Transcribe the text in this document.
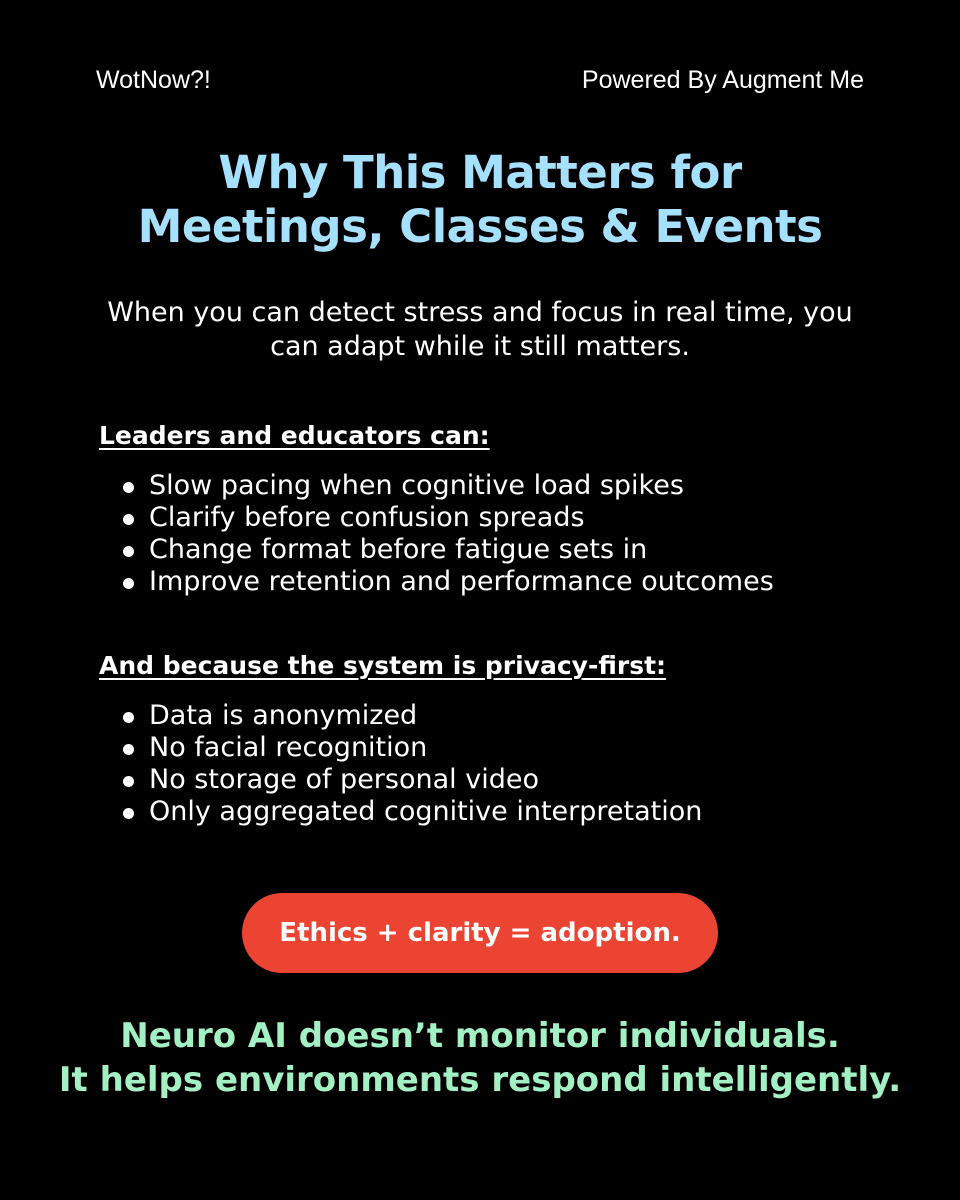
WotNow?!	Powered By Augment Me
Why This Matters for
Meetings, Classes & Events

When you can detect stress and focus in real time, you
can adapt while it still matters.

Leaders and educators can:
Slow pacing when cognitive load spikes
Clarify before confusion spreads
Change format before fatigue sets in
Improve retention and performance outcomes
And because the system is privacy-first:
Data is anonymized
No facial recognition
No storage of personal video
Only aggregated cognitive interpretation
Ethics + clarity = adoption.

Neuro AI doesn’t monitor individuals.
It helps environments respond intelligently.
